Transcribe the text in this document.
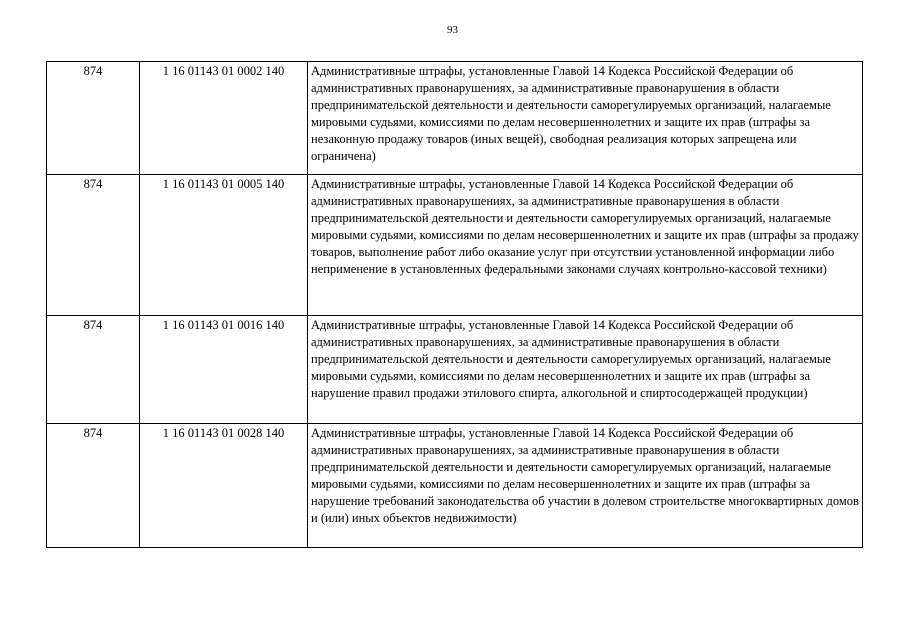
93
874	1 16 01143 01 0002 140	Административные штрафы, установленные Главой 14 Кодекса Российской Федерации об административных правонарушениях, за административные правонарушения в области предпринимательской деятельности и деятельности саморегулируемых организаций, налагаемые мировыми судьями, комиссиями по делам несовершеннолетних и защите их прав (штрафы за незаконную продажу товаров (иных вещей), свободная реализация которых запрещена или ограничена)
874	1 16 01143 01 0005 140	Административные штрафы, установленные Главой 14 Кодекса Российской Федерации об административных правонарушениях, за административные правонарушения в области предпринимательской деятельности и деятельности саморегулируемых организаций, налагаемые мировыми судьями, комиссиями по делам несовершеннолетних и защите их прав (штрафы за продажу товаров, выполнение работ либо оказание услуг при отсутствии установленной информации либо неприменение в установленных федеральными законами случаях контрольно-кассовой техники)
874	1 16 01143 01 0016 140	Административные штрафы, установленные Главой 14 Кодекса Российской Федерации об административных правонарушениях, за административные правонарушения в области предпринимательской деятельности и деятельности саморегулируемых организаций, налагаемые мировыми судьями, комиссиями по делам несовершеннолетних и защите их прав (штрафы за нарушение правил продажи этилового спирта, алкогольной и спиртосодержащей продукции)
874	1 16 01143 01 0028 140	Административные штрафы, установленные Главой 14 Кодекса Российской Федерации об административных правонарушениях, за административные правонарушения в области предпринимательской деятельности и деятельности саморегулируемых организаций, налагаемые мировыми судьями, комиссиями по делам несовершеннолетних и защите их прав (штрафы за нарушение требований законодательства об участии в долевом строительстве многоквартирных домов и (или) иных объектов недвижимости)
